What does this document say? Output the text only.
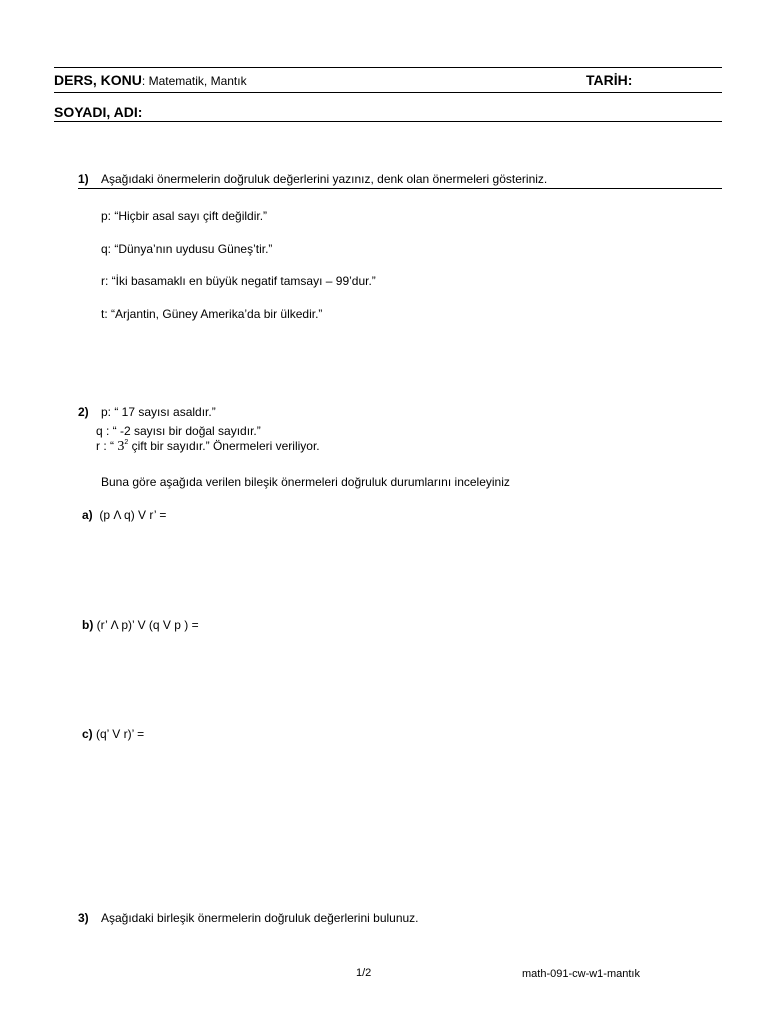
DERS, KONU: Matematik, Mantık	TARİH:
SOYADI, ADI:
1) Aşağıdaki önermelerin doğruluk değerlerini yazınız, denk olan önermeleri gösteriniz.
p: “Hiçbir asal sayı çift değildir.”
q: “Dünya’nın uydusu Güneş’tir.”
r: “İki basamaklı en büyük negatif tamsayı – 99’dur.”
t: “Arjantin, Güney Amerika’da bir ülkedir.”
2) p: “ 17 sayısı asaldır.”
q : “ -2 sayısı bir doğal sayıdır.”
r : “ $3^2$ çift bir sayıdır.” Önermeleri veriliyor.
Buna göre aşağıda verilen bileşik önermeleri doğruluk durumlarını inceleyiniz
a) (p Λ q) V r’ =
b) (r’ Λ p)’ V (q V p ) =
c) (q’ V r)’ =
3) Aşağıdaki birleşik önermelerin doğruluk değerlerini bulunuz.
1/2	math-091-cw-w1-mantık
